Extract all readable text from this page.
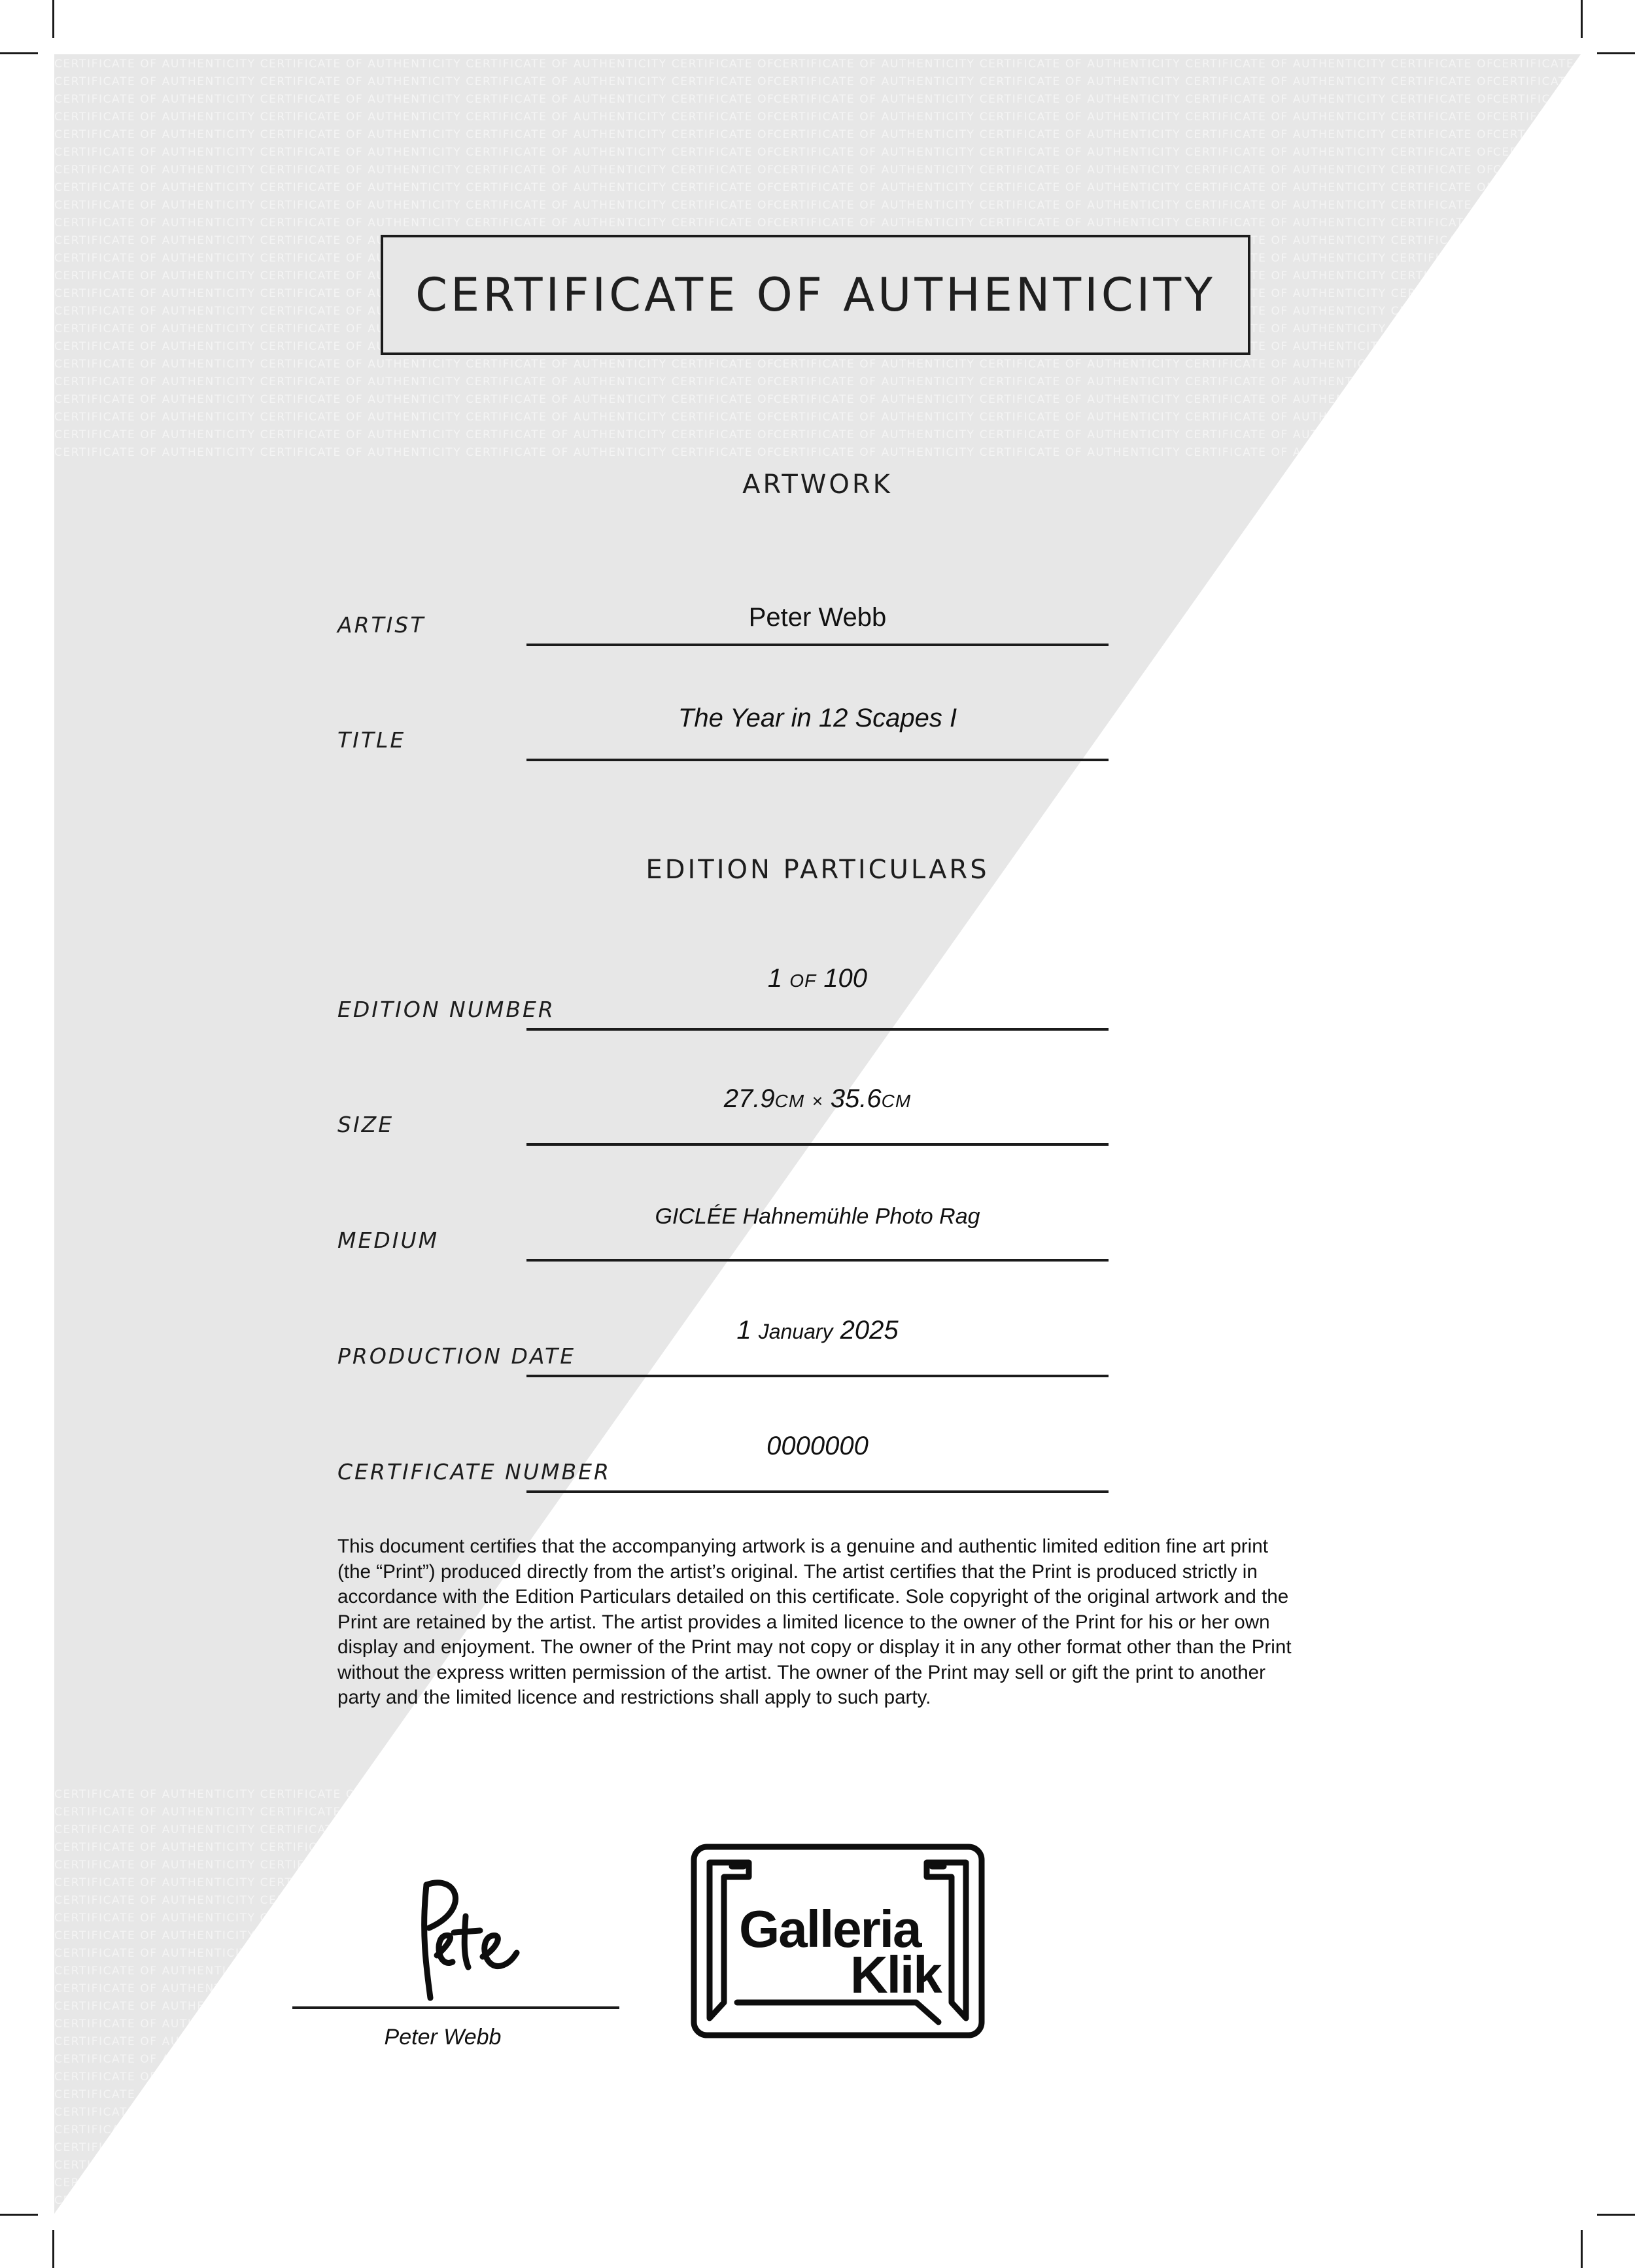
CERTIFICATE OF AUTHENTICITY
ARTWORK
ARTIST	Peter Webb
TITLE
The Year in 12 Scapes I
EDITION PARTICULARS
EDITION NUMBER
1 OF 100
SIZE
27.9CM × 35.6CM
MEDIUM
GICLÉE Hahnemühle Photo Rag
PRODUCTION DATE
1 January 2025
CERTIFICATE NUMBER
0000000

This document certifies that the accompanying artwork is a genuine and authentic limited edition fine art print (the “Print”) produced directly from the artist’s original. The artist certifies that the Print is produced strictly in accordance with the Edition Particulars detailed on this certificate. Sole copyright of the original artwork and the Print are retained by the artist. The artist provides a limited licence to the owner of the Print for his or her own display and enjoyment. The owner of the Print may not copy or display it in any other format other than the Print without the express written permission of the artist. The owner of the Print may sell or gift the print to another party and the limited licence and restrictions shall apply to such party.

Peter Webb
Galleria
Klik
